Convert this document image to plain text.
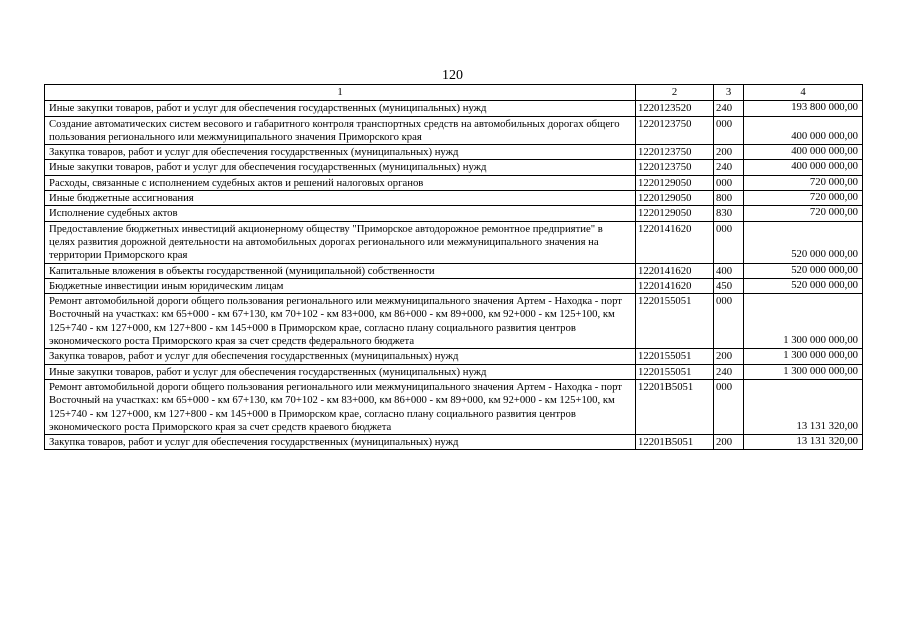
120
1	2	3	4
Иные закупки товаров, работ и услуг для обеспечения государственных (муниципальных) нужд	1220123520	240	193 800 000,00
Создание автоматических систем весового и габаритного контроля транспортных средств на автомобильных дорогах общего пользования регионального или межмуниципального значения Приморского края	1220123750	000	400 000 000,00
Закупка товаров, работ и услуг для обеспечения государственных (муниципальных) нужд	1220123750	200	400 000 000,00
Иные закупки товаров, работ и услуг для обеспечения государственных (муниципальных) нужд	1220123750	240	400 000 000,00
Расходы, связанные с исполнением судебных актов и решений налоговых органов	1220129050	000	720 000,00
Иные бюджетные ассигнования	1220129050	800	720 000,00
Исполнение судебных актов	1220129050	830	720 000,00
Предоставление бюджетных инвестиций акционерному обществу "Приморское автодорожное ремонтное предприятие" в целях развития дорожной деятельности на автомобильных дорогах регионального или межмуниципального значения на территории Приморского края	1220141620	000	520 000 000,00
Капитальные вложения в объекты государственной (муниципальной) собственности	1220141620	400	520 000 000,00
Бюджетные инвестиции иным юридическим лицам	1220141620	450	520 000 000,00
Ремонт автомобильной дороги общего пользования регионального или межмуниципального значения Артем - Находка - порт Восточный на участках: км 65+000 - км 67+130, км 70+102 - км 83+000, км 86+000 - км 89+000, км 92+000 - км 125+100, км 125+740 - км 127+000, км 127+800 - км 145+000 в Приморском крае, согласно плану социального развития центров экономического роста Приморского края за счет средств федерального бюджета	1220155051	000	1 300 000 000,00
Закупка товаров, работ и услуг для обеспечения государственных (муниципальных) нужд	1220155051	200	1 300 000 000,00
Иные закупки товаров, работ и услуг для обеспечения государственных (муниципальных) нужд	1220155051	240	1 300 000 000,00
Ремонт автомобильной дороги общего пользования регионального или межмуниципального значения Артем - Находка - порт Восточный на участках: км 65+000 - км 67+130, км 70+102 - км 83+000, км 86+000 - км 89+000, км 92+000 - км 125+100, км 125+740 - км 127+000, км 127+800 - км 145+000 в Приморском крае, согласно плану социального развития центров экономического роста Приморского края за счет средств краевого бюджета	12201В5051	000	13 131 320,00
Закупка товаров, работ и услуг для обеспечения государственных (муниципальных) нужд	12201В5051	200	13 131 320,00
